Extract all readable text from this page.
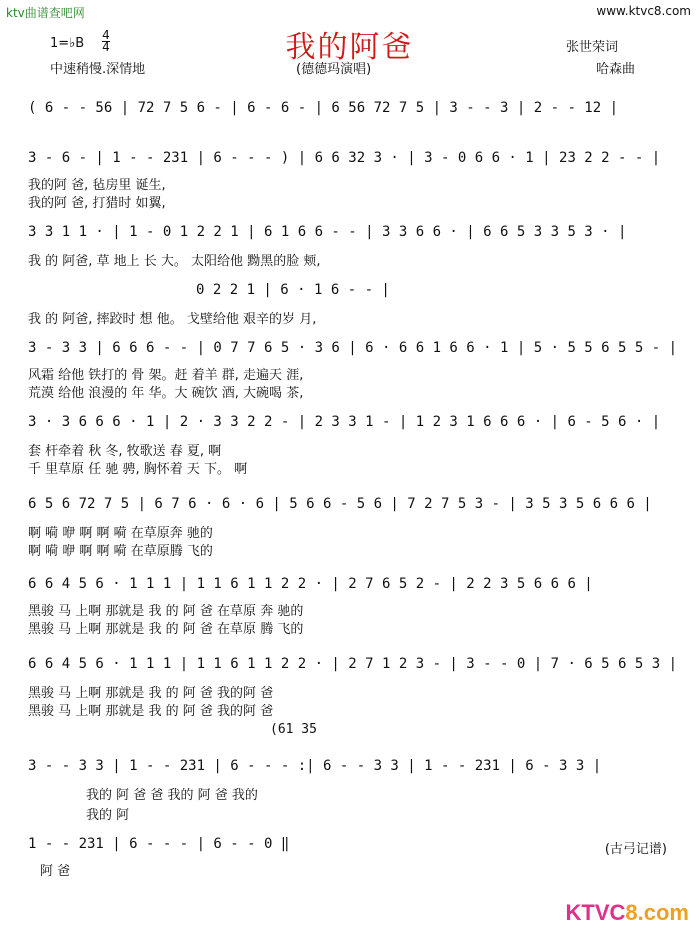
ktv曲谱查吧网	www.ktvc8.com
我的阿爸
1=♭B
4
4
中速稍慢.深情地	(德德玛演唱)
张世荣词
哈森曲
( 6 - - 56 | 72 7 5 6 - | 6 - 6 - | 6 56 72 7 5 | 3 - - 3 | 2 - - 12 |
3 - 6 - | 1 - - 231 | 6 - - - ) | 6 6 32 3 · | 3 - 0 6 6 · 1 | 23 2 2 - - |
我的阿 爸, 毡房里 诞生,
我的阿 爸, 打猎时 如翼,
3 3 1 1 · | 1 - 0 1 2 2 1 | 6 1 6 6 - - | 3 3 6 6 · | 6 6 5 3 3 5 3 · |
我 的 阿爸, 草 地上 长 大。 太阳给他 黝黑的脸 颊,
0 2 2 1 | 6 · 1 6 - - |
我 的 阿爸, 摔跤时 想 他。 戈壁给他 艰辛的岁 月,
3 - 3 3 | 6 6 6 - - | 0 7 7 6 5 · 3 6 | 6 · 6 6 1 6 6 · 1 | 5 · 5 5 6 5 5 - |
风霜 给他 铁打的 骨 架。赶 着羊 群, 走遍天 涯,
荒漠 给他 浪漫的 年 华。大 碗饮 酒, 大碗喝 茶,
3 · 3 6 6 6 · 1 | 2 · 3 3 2 2 - | 2 3 3 1 - | 1 2 3 1 6 6 6 · | 6 - 5 6 · |
套 杆牵着 秋 冬, 牧歌送 春 夏, 啊
千 里草原 任 驰 骋, 胸怀着 天 下。 啊
6 5 6 72 7 5 | 6 7 6 · 6 · 6 | 5 6 6 - 5 6 | 7 2 7 5 3 - | 3 5 3 5 6 6 6 |
啊 嗬 咿 啊 啊 嗬 在草原奔 驰的
啊 嗬 咿 啊 啊 嗬 在草原腾 飞的
6 6 4 5 6 · 1 1 1 | 1 1 6 1 1 2 2 · | 2 7 6 5 2 - | 2 2 3 5 6 6 6 |
黑骏 马 上啊 那就是 我 的 阿 爸 在草原 奔 驰的
黑骏 马 上啊 那就是 我 的 阿 爸 在草原 腾 飞的
6 6 4 5 6 · 1 1 1 | 1 1 6 1 1 2 2 · | 2 7 1 2 3 - | 3 - - 0 | 7 · 6 5 6 5 3 |
黑骏 马 上啊 那就是 我 的 阿 爸 我的阿 爸
黑骏 马 上啊 那就是 我 的 阿 爸 我的阿 爸
(61 35
3 - - 3 3 | 1 - - 231 | 6 - - - :| 6 - - 3 3 | 1 - - 231 | 6 - 3 3 |
我的 阿 爸 爸 我的 阿 爸 我的
我的 阿
1 - - 231 | 6 - - - | 6 - - 0 ‖
阿 爸
(古弓记谱)
KTVC8.com
